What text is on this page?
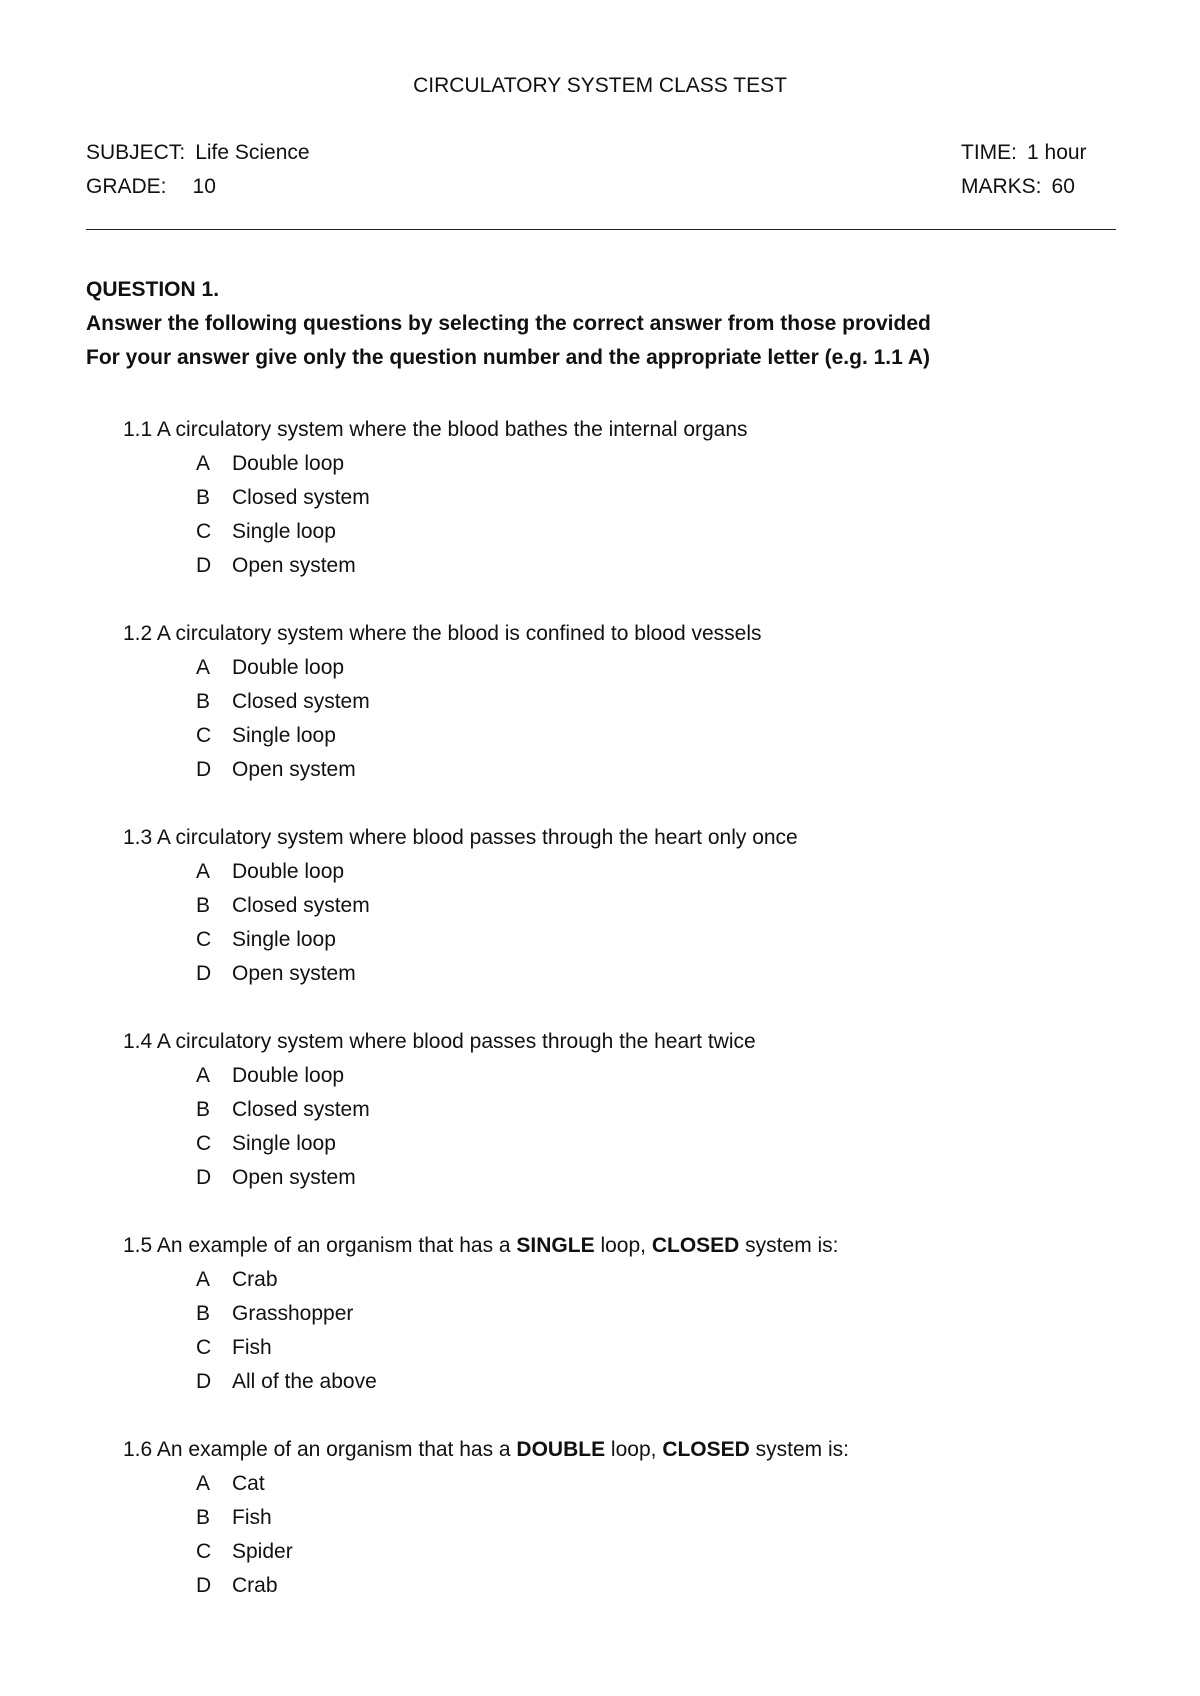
CIRCULATORY SYSTEM CLASS TEST
SUBJECT: Life Science	TIME: 1 hour
GRADE: 10	MARKS: 60
QUESTION 1.
Answer the following questions by selecting the correct answer from those provided
For your answer give only the question number and the appropriate letter (e.g. 1.1 A)
1.1 A circulatory system where the blood bathes the internal organs
A Double loop
B Closed system
C Single loop
D Open system
1.2 A circulatory system where the blood is confined to blood vessels
A Double loop
B Closed system
C Single loop
D Open system
1.3 A circulatory system where blood passes through the heart only once
A Double loop
B Closed system
C Single loop
D Open system
1.4 A circulatory system where blood passes through the heart twice
A Double loop
B Closed system
C Single loop
D Open system
1.5 An example of an organism that has a SINGLE loop, CLOSED system is:
A Crab
B Grasshopper
C Fish
D All of the above
1.6 An example of an organism that has a DOUBLE loop, CLOSED system is:
A Cat
B Fish
C Spider
D Crab
